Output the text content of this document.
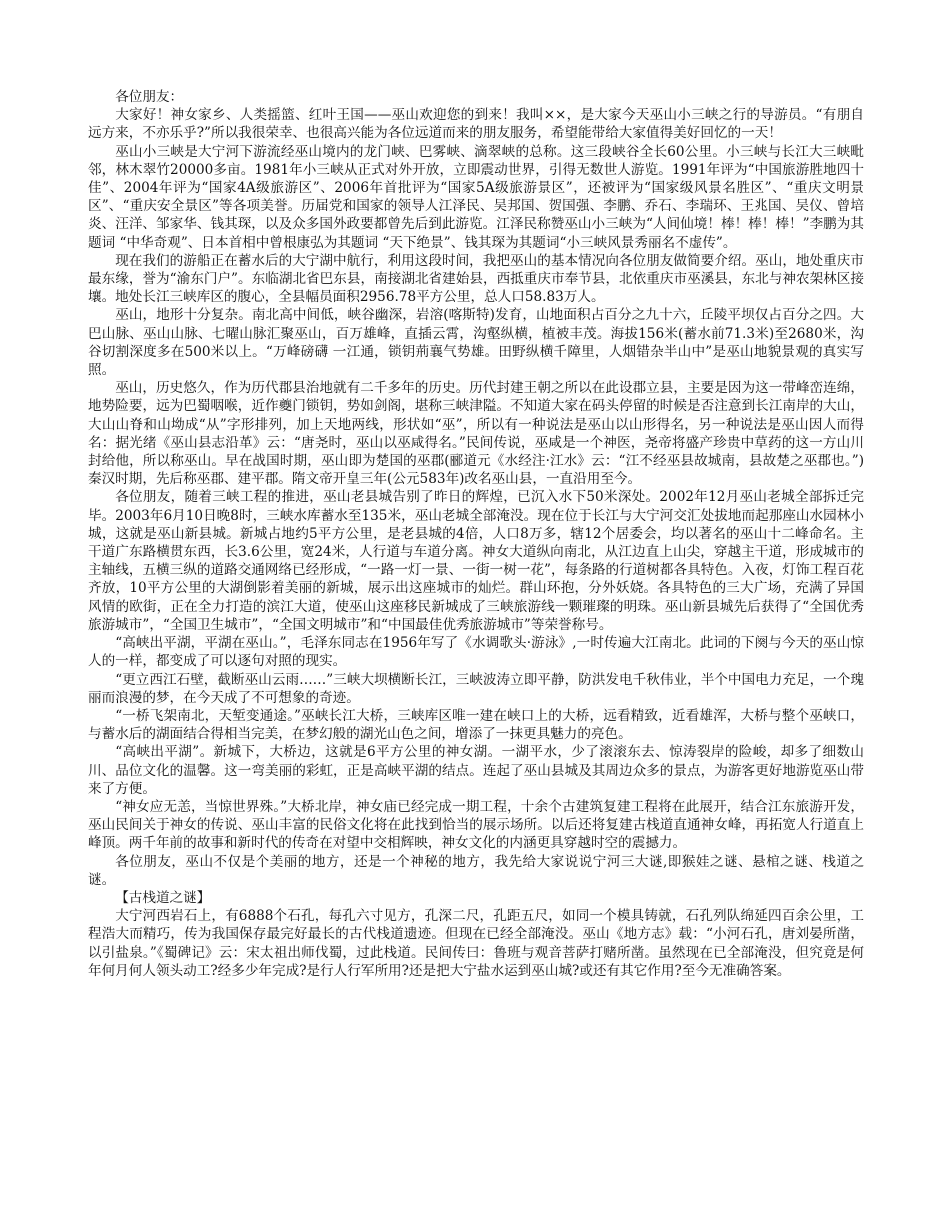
各位朋友：

大家好！神女家乡、人类摇篮、红叶王国——巫山欢迎您的到来！我叫××，是大家今天巫山小三峡之行的导游员。“有朋自远方来，不亦乐乎?”所以我很荣幸、也很高兴能为各位远道而来的朋友服务，希望能带给大家值得美好回忆的一天！

巫山小三峡是大宁河下游流经巫山境内的龙门峡、巴雾峡、滴翠峡的总称。这三段峡谷全长60公里。小三峡与长江大三峡毗邻，林木翠竹20000多亩。1981年小三峡从正式对外开放，立即震动世界，引得无数世人游览。1991年评为“中国旅游胜地四十佳”、2004年评为“国家4A级旅游区”、2006年首批评为“国家5A级旅游景区”，还被评为“国家级风景名胜区”、“重庆文明景区”、“重庆安全景区”等各项美誉。历届党和国家的领导人江泽民、吴邦国、贺国强、李鹏、乔石、李瑞环、王兆国、吴仪、曾培炎、汪洋、邹家华、钱其琛，以及众多国外政要都曾先后到此游览。江泽民称赞巫山小三峡为“人间仙境！棒！棒！棒！”李鹏为其题词 “中华奇观”、日本首相中曾根康弘为其题词 “天下绝景”、钱其琛为其题词“小三峡风景秀丽名不虚传”。

现在我们的游船正在蓄水后的大宁湖中航行，利用这段时间，我把巫山的基本情况向各位朋友做简要介绍。巫山，地处重庆市最东缘，誉为“渝东门户”。东临湖北省巴东县，南接湖北省建始县，西抵重庆市奉节县，北依重庆市巫溪县，东北与神农架林区接壤。地处长江三峡库区的腹心，全县幅员面积2956.78平方公里，总人口58.83万人。

巫山，地形十分复杂。南北高中间低，峡谷幽深，岩溶(喀斯特)发育，山地面积占百分之九十六，丘陵平坝仅占百分之四。大巴山脉、巫山山脉、七曜山脉汇聚巫山，百万雄峰，直插云霄，沟壑纵横，植被丰茂。海拔156米(蓄水前71.3米)至2680米，沟谷切割深度多在500米以上。“万峰磅礴 一江通，锁钥荊襄气势雄。田野纵横千障里，人烟错杂半山中”是巫山地貌景观的真实写照。

巫山，历史悠久，作为历代郡县治地就有二千多年的历史。历代封建王朝之所以在此设郡立县，主要是因为这一带峰峦连绵，地势险要，远为巴蜀咽喉，近作夔门锁钥，势如剑阁，堪称三峡津隘。不知道大家在码头停留的时候是否注意到长江南岸的大山，大山山脊和山坳成“从”字形排列，加上天地两线，形状如“巫”，所以有一种说法是巫山以山形得名，另一种说法是巫山因人而得名：据光绪《巫山县志沿革》云：“唐尧时，巫山以巫咸得名。”民间传说，巫咸是一个神医，尧帝将盛产珍贵中草药的这一方山川封给他，所以称巫山。早在战国时期，巫山即为楚国的巫郡(郦道元《水经注·江水》云：“江不经巫县故城南，县故楚之巫郡也。”)秦汉时期，先后称巫郡、建平郡。隋文帝开皇三年(公元583年)改名巫山县，一直沿用至今。

各位朋友，随着三峡工程的推进，巫山老县城告别了昨日的辉煌，已沉入水下50米深处。2002年12月巫山老城全部拆迁完毕。2003年6月10日晚8时，三峡水库蓄水至135米，巫山老城全部淹没。现在位于长江与大宁河交汇处拔地而起那座山水园林小城，这就是巫山新县城。新城占地约5平方公里，是老县城的4倍，人口8万多，辖12个居委会，均以著名的巫山十二峰命名。主干道广东路横贯东西，长3.6公里，宽24米，人行道与车道分离。神女大道纵向南北，从江边直上山尖，穿越主干道，形成城市的主轴线，五横三纵的道路交通网络已经形成，“一路一灯一景、一街一树一花”，每条路的行道树都各具特色。入夜，灯饰工程百花齐放，10平方公里的大湖倒影着美丽的新城，展示出这座城市的灿烂。群山环抱，分外妖娆。各具特色的三大广场，充满了异国风情的欧街，正在全力打造的滨江大道，使巫山这座移民新城成了三峡旅游线一颗璀璨的明珠。巫山新县城先后获得了“全国优秀旅游城市”，“全国卫生城市”，“全国文明城市”和“中国最佳优秀旅游城市”等荣誉称号。

“高峡出平湖，平湖在巫山。”，毛泽东同志在1956年写了《水调歌头·游泳》,一时传遍大江南北。此词的下阕与今天的巫山惊人的一样，都变成了可以逐句对照的现实。

“更立西江石壁，截断巫山云雨……”三峡大坝横断长江，三峡波涛立即平静，防洪发电千秋伟业，半个中国电力充足，一个瑰丽而浪漫的梦，在今天成了不可想象的奇迹。

“一桥飞架南北，天堑变通途。”巫峡长江大桥，三峡库区唯一建在峡口上的大桥，远看精致，近看雄浑，大桥与整个巫峡口，与蓄水后的湖面结合得相当完美，在梦幻般的湖光山色之间，增添了一抹更具魅力的亮色。

“高峡出平湖”。新城下，大桥边，这就是6平方公里的神女湖。一湖平水，少了滚滚东去、惊涛裂岸的险峻，却多了细数山川、品位文化的温馨。这一弯美丽的彩虹，正是高峡平湖的结点。连起了巫山县城及其周边众多的景点，为游客更好地游览巫山带来了方便。

“神女应无恙，当惊世界殊。”大桥北岸，神女庙已经完成一期工程，十余个古建筑复建工程将在此展开，结合江东旅游开发，巫山民间关于神女的传说、巫山丰富的民俗文化将在此找到恰当的展示场所。以后还将复建古栈道直通神女峰，再拓宽人行道直上峰顶。两千年前的故事和新时代的传奇在对望中交相辉映，神女文化的内涵更具穿越时空的震撼力。

各位朋友，巫山不仅是个美丽的地方，还是一个神秘的地方，我先给大家说说宁河三大谜,即猴娃之谜、悬棺之谜、栈道之谜。

【古栈道之谜】

大宁河西岩石上，有6888个石孔，每孔六寸见方，孔深二尺，孔距五尺，如同一个模具铸就，石孔列队绵延四百余公里，工程浩大而精巧，传为我国保存最完好最长的古代栈道遗迹。但现在已经全部淹没。巫山《地方志》载：“小河石孔，唐刘晏所凿，以引盐泉。”《蜀碑记》云：宋太祖出师伐蜀，过此栈道。民间传曰：鲁班与观音菩萨打赌所凿。虽然现在已全部淹没，但究竟是何年何月何人领头动工?经多少年完成?是行人行军所用?还是把大宁盐水运到巫山城?或还有其它作用?至今无准确答案。
